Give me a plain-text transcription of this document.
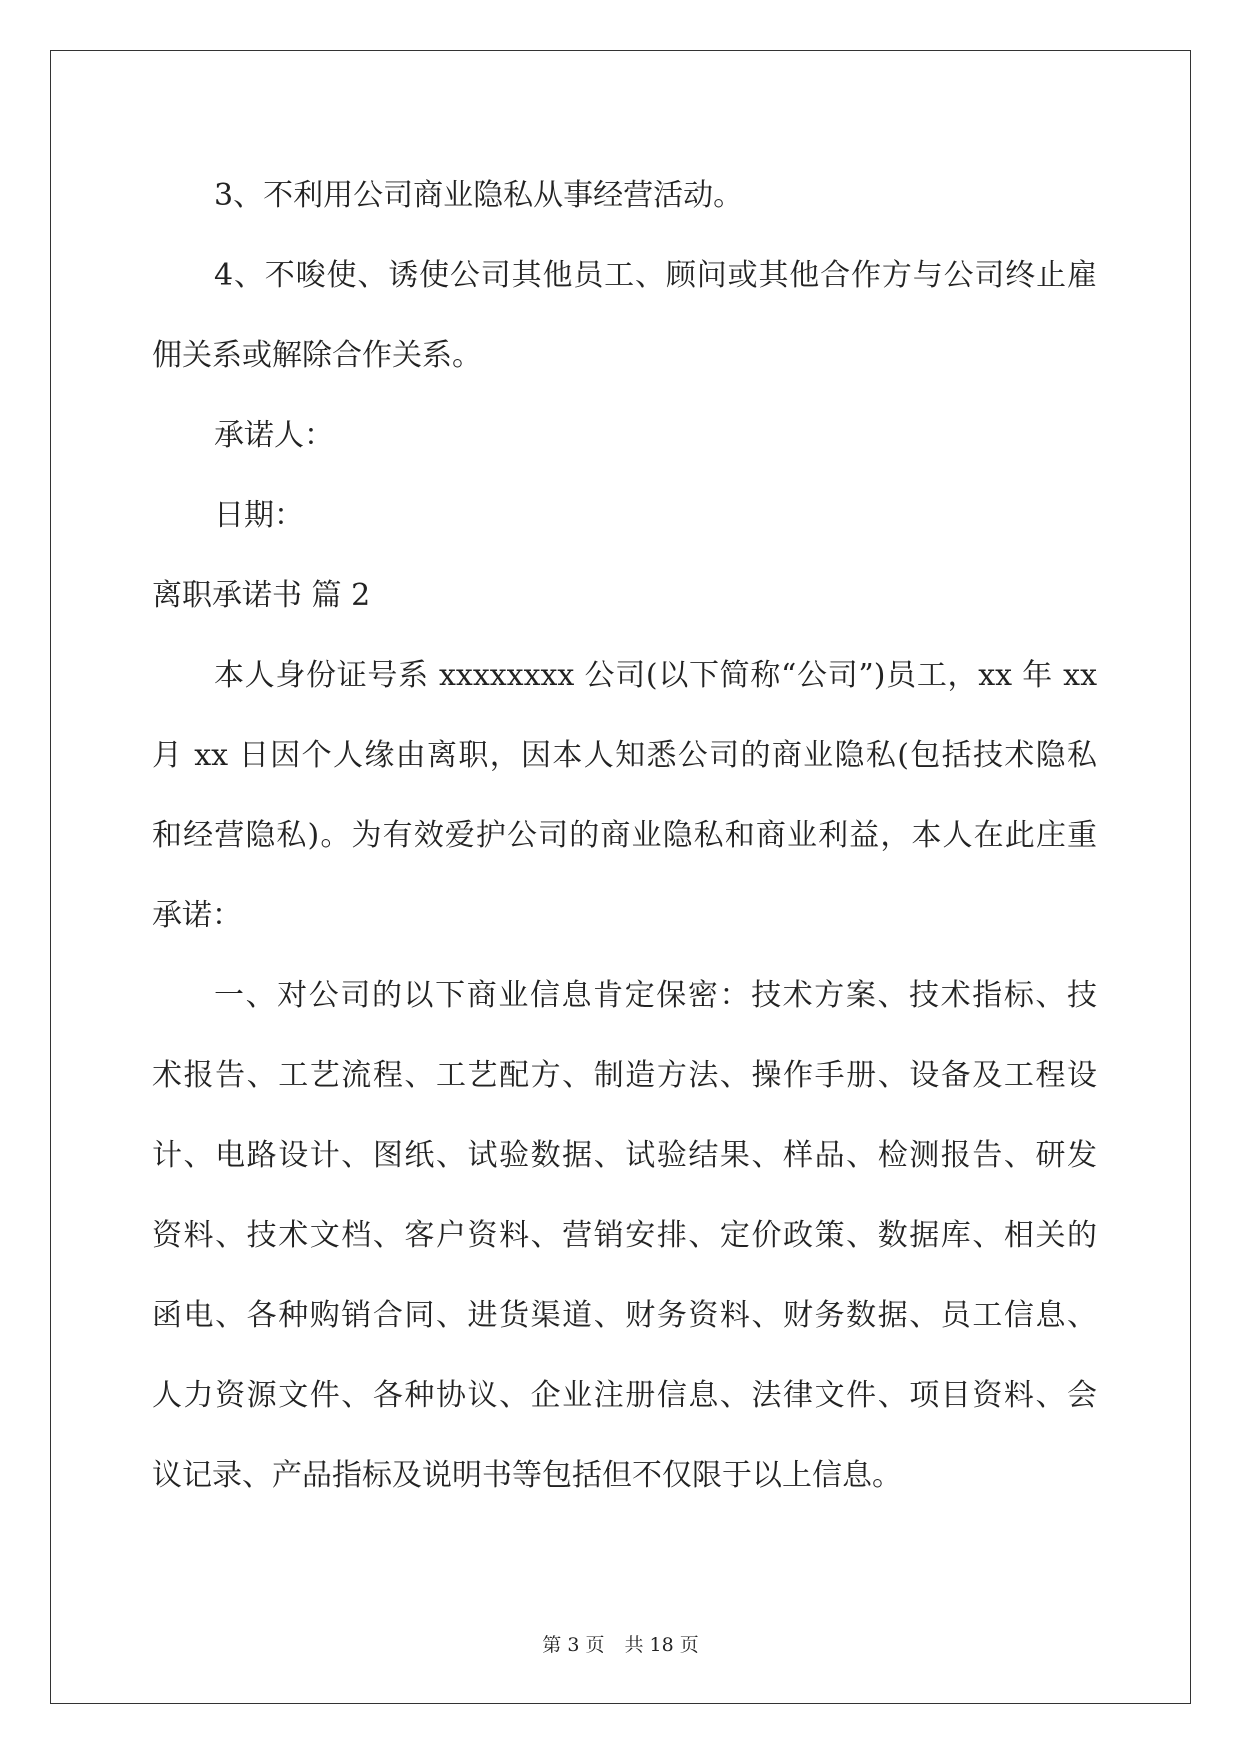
3、不利用公司商业隐私从事经营活动。
4、不唆使、诱使公司其他员工、顾问或其他合作方与公司终止雇
佣关系或解除合作关系。
承诺人：
日期：
离职承诺书 篇 2
本人身份证号系 xxxxxxxx 公司(以下简称“公司”)员工，xx 年 xx
月 xx 日因个人缘由离职，因本人知悉公司的商业隐私(包括技术隐私
和经营隐私)。为有效爱护公司的商业隐私和商业利益，本人在此庄重
承诺：
一、对公司的以下商业信息肯定保密：技术方案、技术指标、技
术报告、工艺流程、工艺配方、制造方法、操作手册、设备及工程设
计、电路设计、图纸、试验数据、试验结果、样品、检测报告、研发
资料、技术文档、客户资料、营销安排、定价政策、数据库、相关的
函电、各种购销合同、进货渠道、财务资料、财务数据、员工信息、
人力资源文件、各种协议、企业注册信息、法律文件、项目资料、会
议记录、产品指标及说明书等包括但不仅限于以上信息。
第 3 页 共 18 页
